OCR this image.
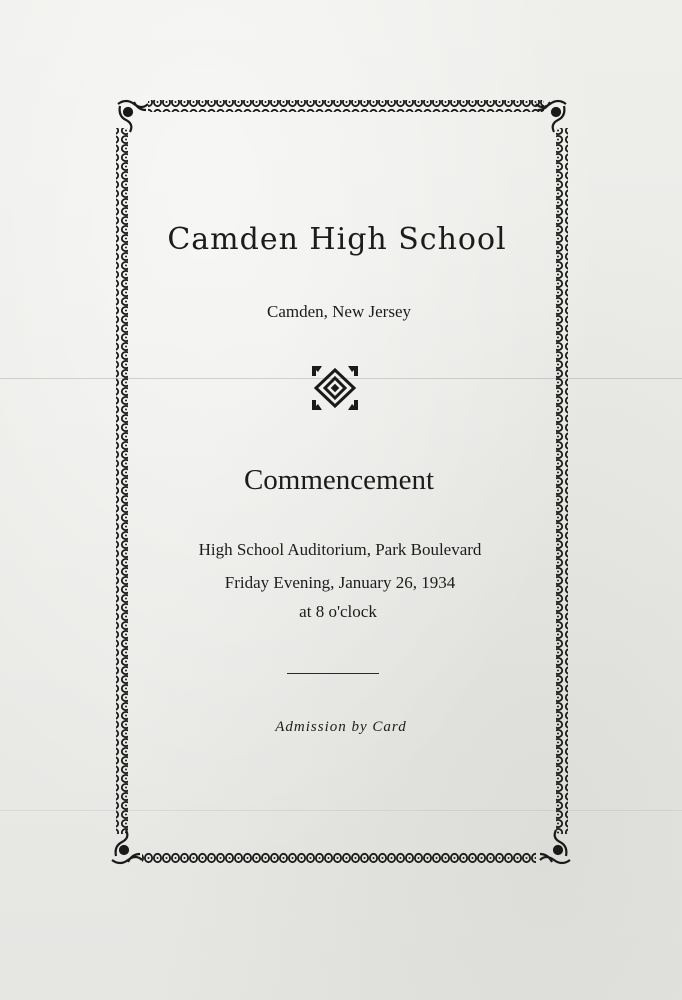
Camden High School
Camden, New Jersey
Commencement
High School Auditorium, Park Boulevard
Friday Evening, January 26, 1934
at 8 o'clock
Admission by Card
